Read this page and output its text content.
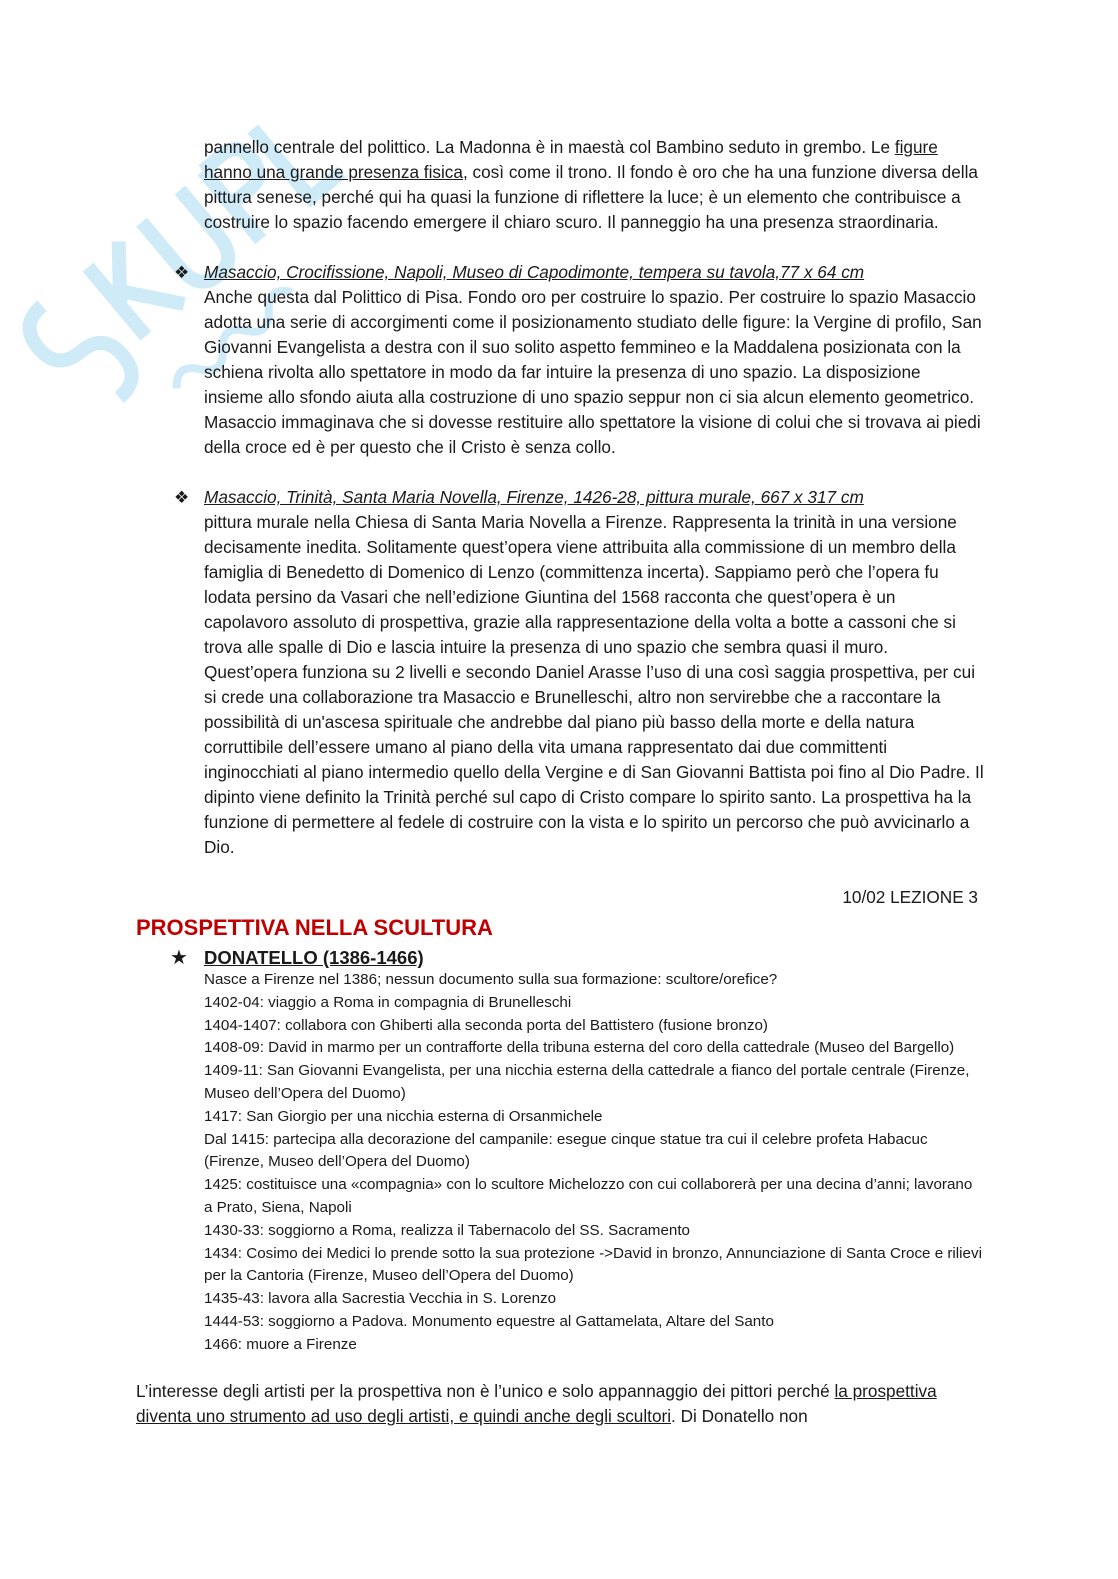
pannello centrale del polittico. La Madonna è in maestà col Bambino seduto in grembo. Le figure hanno una grande presenza fisica, così come il trono. Il fondo è oro che ha una funzione diversa della pittura senese, perché qui ha quasi la funzione di riflettere la luce; è un elemento che contribuisce a costruire lo spazio facendo emergere il chiaro scuro. Il panneggio ha una presenza straordinaria.

❖ Masaccio, Crocifissione, Napoli, Museo di Capodimonte, tempera su tavola,77 x 64 cm

Anche questa dal Polittico di Pisa. Fondo oro per costruire lo spazio. Per costruire lo spazio Masaccio adotta una serie di accorgimenti come il posizionamento studiato delle figure: la Vergine di profilo, San Giovanni Evangelista a destra con il suo solito aspetto femmineo e la Maddalena posizionata con la schiena rivolta allo spettatore in modo da far intuire la presenza di uno spazio. La disposizione insieme allo sfondo aiuta alla costruzione di uno spazio seppur non ci sia alcun elemento geometrico. Masaccio immaginava che si dovesse restituire allo spettatore la visione di colui che si trovava ai piedi della croce ed è per questo che il Cristo è senza collo.

❖ Masaccio, Trinità, Santa Maria Novella, Firenze, 1426-28, pittura murale, 667 x 317 cm

pittura murale nella Chiesa di Santa Maria Novella a Firenze. Rappresenta la trinità in una versione decisamente inedita. Solitamente quest’opera viene attribuita alla commissione di un membro della famiglia di Benedetto di Domenico di Lenzo (committenza incerta). Sappiamo però che l’opera fu lodata persino da Vasari che nell’edizione Giuntina del 1568 racconta che quest’opera è un capolavoro assoluto di prospettiva, grazie alla rappresentazione della volta a botte a cassoni che si trova alle spalle di Dio e lascia intuire la presenza di uno spazio che sembra quasi il muro. Quest’opera funziona su 2 livelli e secondo Daniel Arasse l’uso di una così saggia prospettiva, per cui si crede una collaborazione tra Masaccio e Brunelleschi, altro non servirebbe che a raccontare la possibilità di un'ascesa spirituale che andrebbe dal piano più basso della morte e della natura corruttibile dell’essere umano al piano della vita umana rappresentato dai due committenti inginocchiati al piano intermedio quello della Vergine e di San Giovanni Battista poi fino al Dio Padre. Il dipinto viene definito la Trinità perché sul capo di Cristo compare lo spirito santo. La prospettiva ha la funzione di permettere al fedele di costruire con la vista e lo spirito un percorso che può avvicinarlo a Dio.

10/02 LEZIONE 3
PROSPETTIVA NELLA SCULTURA
★ DONATELLO (1386-1466)
Nasce a Firenze nel 1386; nessun documento sulla sua formazione: scultore/orefice?
1402-04: viaggio a Roma in compagnia di Brunelleschi
1404-1407: collabora con Ghiberti alla seconda porta del Battistero (fusione bronzo)
1408-09: David in marmo per un contrafforte della tribuna esterna del coro della cattedrale (Museo del Bargello)
1409-11: San Giovanni Evangelista, per una nicchia esterna della cattedrale a fianco del portale centrale (Firenze, Museo dell’Opera del Duomo)
1417: San Giorgio per una nicchia esterna di Orsanmichele
Dal 1415: partecipa alla decorazione del campanile: esegue cinque statue tra cui il celebre profeta Habacuc (Firenze, Museo dell’Opera del Duomo)
1425: costituisce una «compagnia» con lo scultore Michelozzo con cui collaborerà per una decina d’anni; lavorano a Prato, Siena, Napoli
1430-33: soggiorno a Roma, realizza il Tabernacolo del SS. Sacramento
1434: Cosimo dei Medici lo prende sotto la sua protezione ->David in bronzo, Annunciazione di Santa Croce e rilievi per la Cantoria (Firenze, Museo dell’Opera del Duomo)
1435-43: lavora alla Sacrestia Vecchia in S. Lorenzo
1444-53: soggiorno a Padova. Monumento equestre al Gattamelata, Altare del Santo
1466: muore a Firenze

L’interesse degli artisti per la prospettiva non è l’unico e solo appannaggio dei pittori perché la prospettiva diventa uno strumento ad uso degli artisti, e quindi anche degli scultori. Di Donatello non
